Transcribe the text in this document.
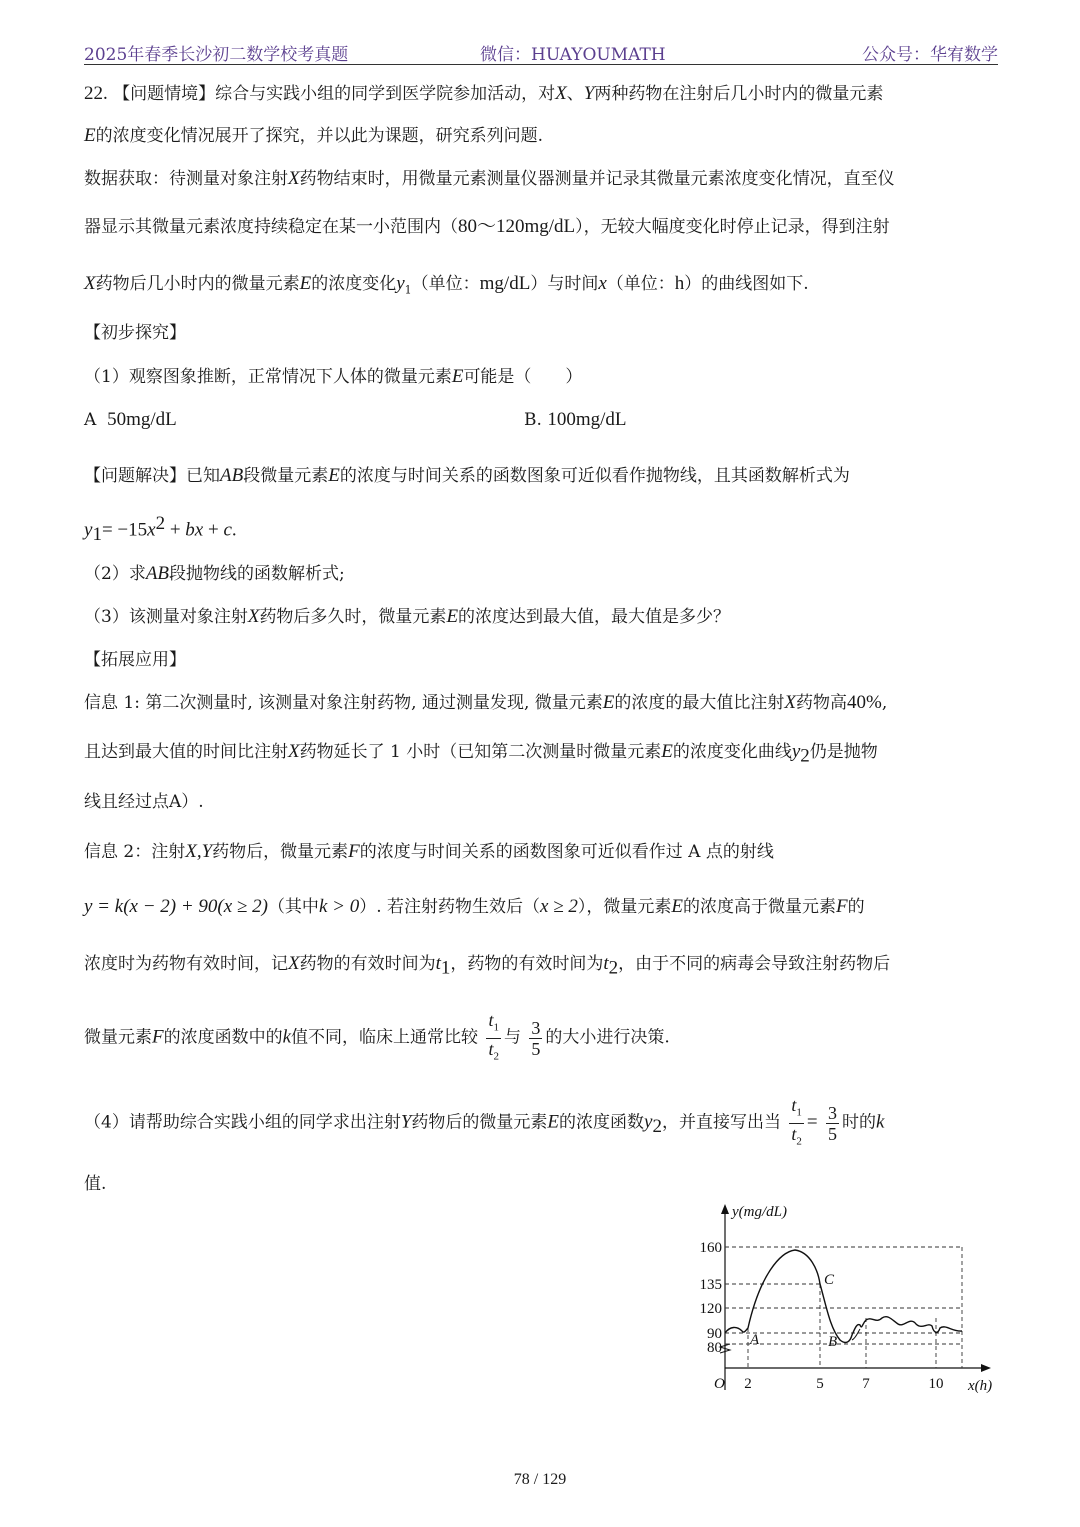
2025年春季长沙初二数学校考真题	微信：HUAYOUMATH	公众号：华宥数学
22. 【问题情境】综合与实践小组的同学到医学院参加活动，对X、Y两种药物在注射后几小时内的微量元素
E的浓度变化情况展开了探究，并以此为课题，研究系列问题.
数据获取：待测量对象注射X药物结束时，用微量元素测量仪器测量并记录其微量元素浓度变化情况，直至仪
器显示其微量元素浓度持续稳定在某一小范围内（80～120mg/dL），无较大幅度变化时停止记录，得到注射
X药物后几小时内的微量元素E的浓度变化$y_1$（单位：mg/dL）与时间x（单位：h）的曲线图如下.
【初步探究】
（1）观察图象推断，正常情况下人体的微量元素E可能是（　　）
A 50mg/dL	B. 100mg/dL
【问题解决】已知AB段微量元素E的浓度与时间关系的函数图象可近似看作抛物线，且其函数解析式为
$y_1= -15x^2$ + bx + c.
（2）求AB段抛物线的函数解析式;
（3）该测量对象注射X药物后多久时，微量元素E的浓度达到最大值，最大值是多少？
【拓展应用】
信息 1: 第二次测量时, 该测量对象注射药物, 通过测量发现, 微量元素E的浓度的最大值比注射X药物高40%,
且达到最大值的时间比注射X药物延长了 1 小时（已知第二次测量时微量元素E的浓度变化曲线$y_2$仍是抛物
线且经过点A）.
信息 2：注射X,Y药物后，微量元素F的浓度与时间关系的函数图象可近似看作过 A 点的射线
y = k(x − 2) + 90(x ≥ 2)（其中k > 0）. 若注射药物生效后（x ≥ 2），微量元素E的浓度高于微量元素F的
浓度时为药物有效时间，记X药物的有效时间为$t_1$，药物的有效时间为$t_2$，由于不同的病毒会导致注射药物后
微量元素F的浓度函数中的k值不同，临床上通常比较 $\frac{t_1}{t_2}$ 与 $\frac{3}{5}$ 的大小进行决策.
（4）请帮助综合实践小组的同学求出注射Y药物后的微量元素E的浓度函数$y_2$，并直接写出当 $\frac{t_1}{t_2} = \frac{3}{5}$ 时的k
值.
y(mg/dL)
x(h)
O
160
135
120
90
80
2	5	7	10
A	B
C
78 / 129
